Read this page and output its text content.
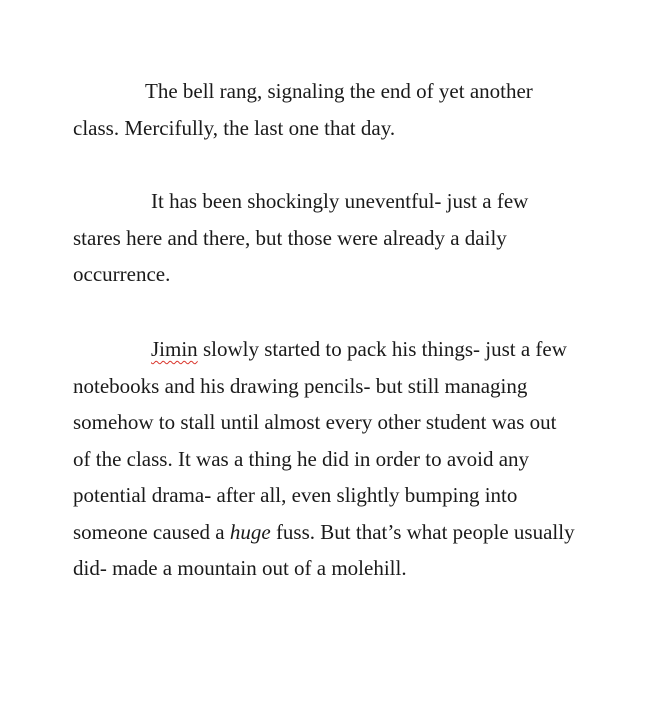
The bell rang, signaling the end of yet another
class. Mercifully, the last one that day.

It has been shockingly uneventful- just a few
stares here and there, but those were already a daily
occurrence.

Jimin slowly started to pack his things- just a few
notebooks and his drawing pencils- but still managing
somehow to stall until almost every other student was out
of the class. It was a thing he did in order to avoid any
potential drama- after all, even slightly bumping into
someone caused a huge fuss. But that’s what people usually
did- made a mountain out of a molehill.
